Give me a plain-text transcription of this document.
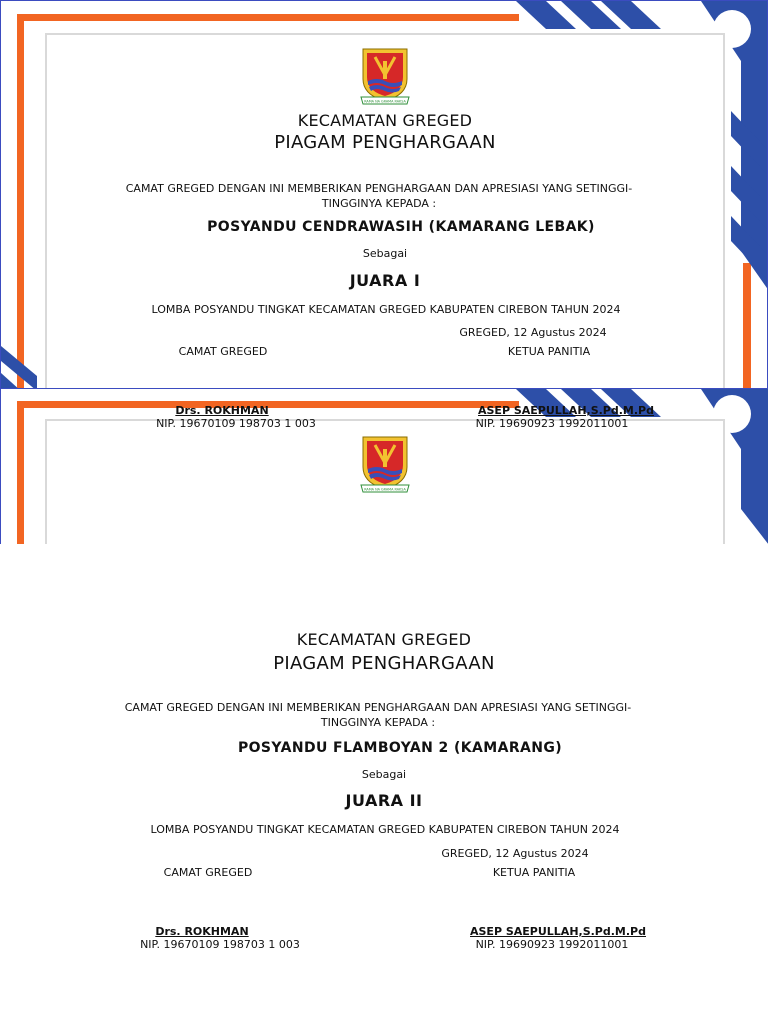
RAMA NA GRAMA RAKSA
KECAMATAN GREGED
PIAGAM PENGHARGAAN
CAMAT GREGED DENGAN INI MEMBERIKAN PENGHARGAAN DAN APRESIASI YANG SETINGGI-TINGGINYA KEPADA :
POSYANDU CENDRAWASIH (KAMARANG LEBAK)
Sebagai
JUARA I
LOMBA POSYANDU TINGKAT KECAMATAN GREGED KABUPATEN CIREBON TAHUN 2024
GREGED, 12 Agustus 2024
CAMAT GREGED	KETUA PANITIA
RAMA NA GRAMA RAKSA
Drs. ROKHMAN
NIP. 19670109 198703 1 003
ASEP SAEPULLAH,S.Pd.M.Pd
NIP. 19690923 1992011001
KECAMATAN GREGED
PIAGAM PENGHARGAAN
CAMAT GREGED DENGAN INI MEMBERIKAN PENGHARGAAN DAN APRESIASI YANG SETINGGI-TINGGINYA KEPADA :
POSYANDU FLAMBOYAN 2 (KAMARANG)
Sebagai
JUARA II
LOMBA POSYANDU TINGKAT KECAMATAN GREGED KABUPATEN CIREBON TAHUN 2024
GREGED, 12 Agustus 2024
CAMAT GREGED	KETUA PANITIA
Drs. ROKHMAN
NIP. 19670109 198703 1 003
ASEP SAEPULLAH,S.Pd.M.Pd
NIP. 19690923 1992011001
